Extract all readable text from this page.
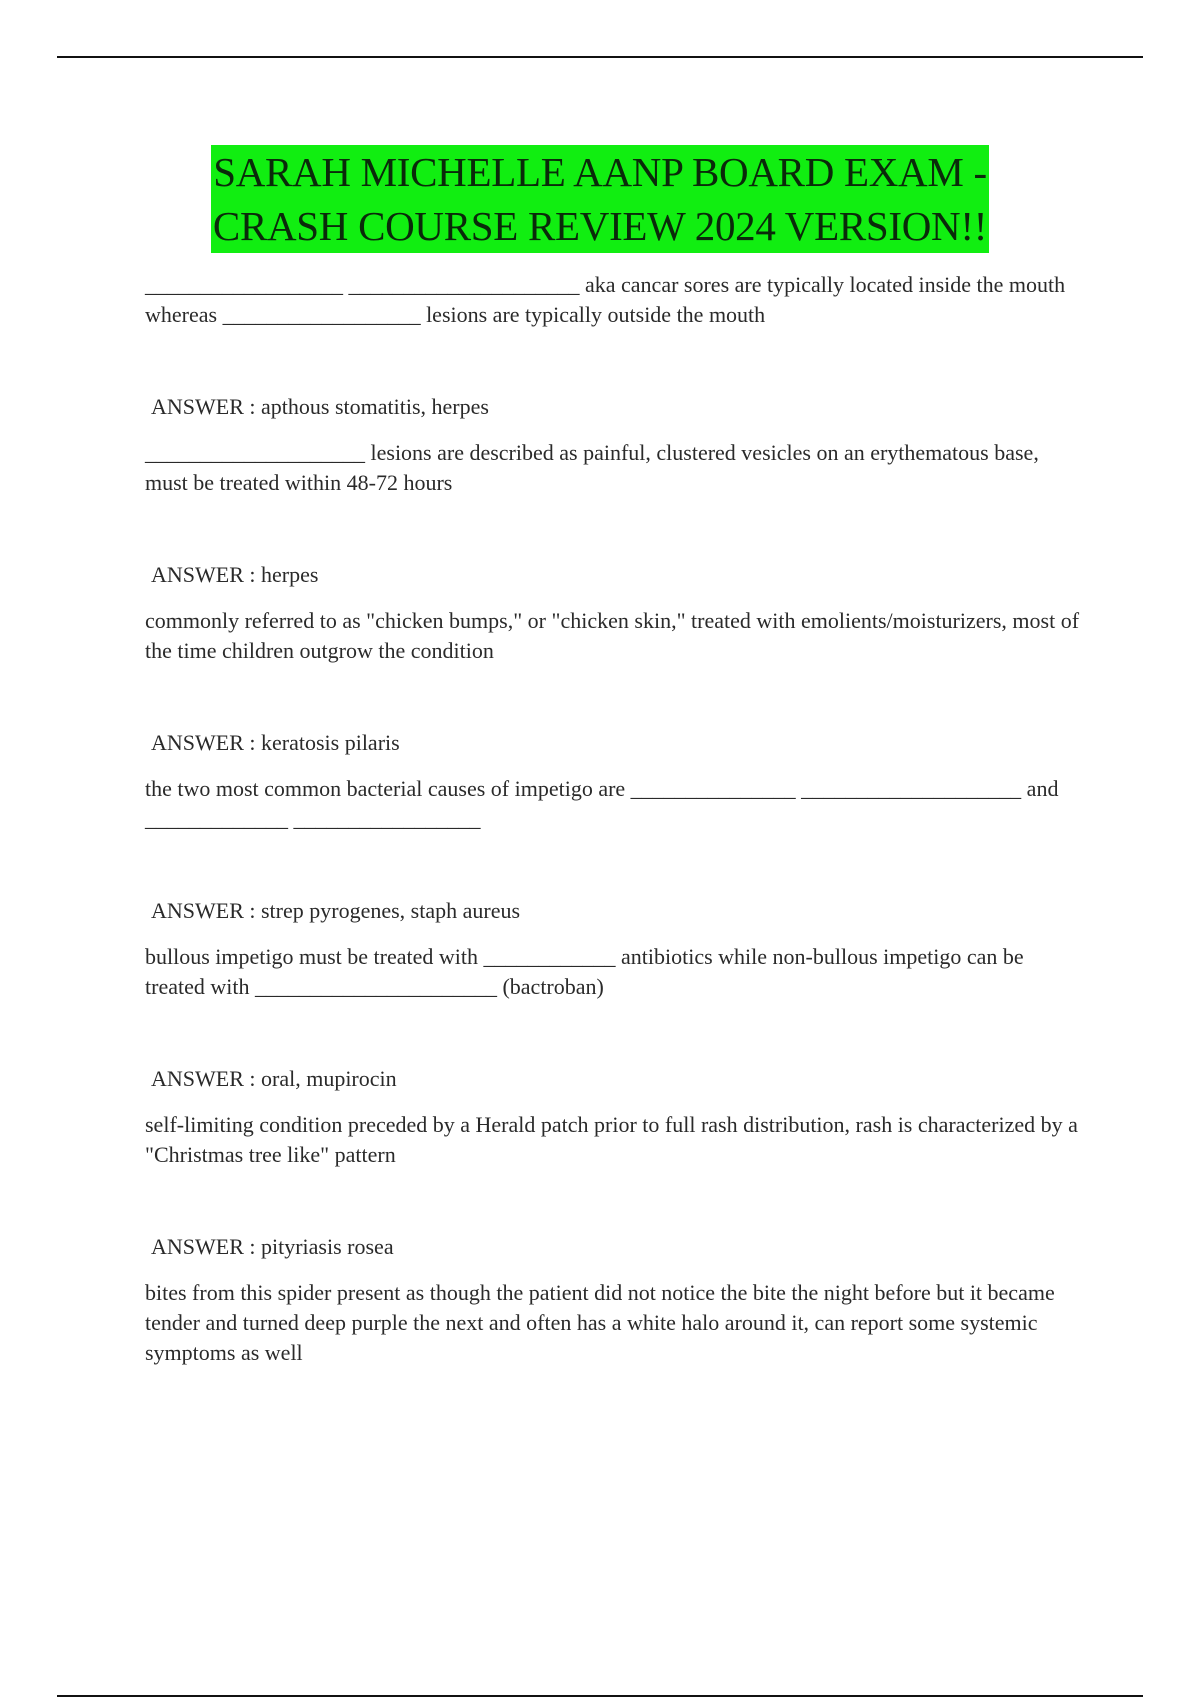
SARAH MICHELLE AANP BOARD EXAM -
CRASH COURSE REVIEW 2024 VERSION!!

__________________ _____________________ aka cancar sores are typically located inside the mouth whereas __________________ lesions are typically outside the mouth

ANSWER : apthous stomatitis, herpes

____________________ lesions are described as painful, clustered vesicles on an erythematous base, must be treated within 48-72 hours

ANSWER : herpes

commonly referred to as "chicken bumps," or "chicken skin," treated with emolients/moisturizers, most of the time children outgrow the condition

ANSWER : keratosis pilaris

the two most common bacterial causes of impetigo are _______________ ____________________ and _____________ _________________

ANSWER : strep pyrogenes, staph aureus

bullous impetigo must be treated with ____________ antibiotics while non-bullous impetigo can be treated with ______________________ (bactroban)

ANSWER : oral, mupirocin

self-limiting condition preceded by a Herald patch prior to full rash distribution, rash is characterized by a "Christmas tree like" pattern

ANSWER : pityriasis rosea

bites from this spider present as though the patient did not notice the bite the night before but it became tender and turned deep purple the next and often has a white halo around it, can report some systemic symptoms as well
